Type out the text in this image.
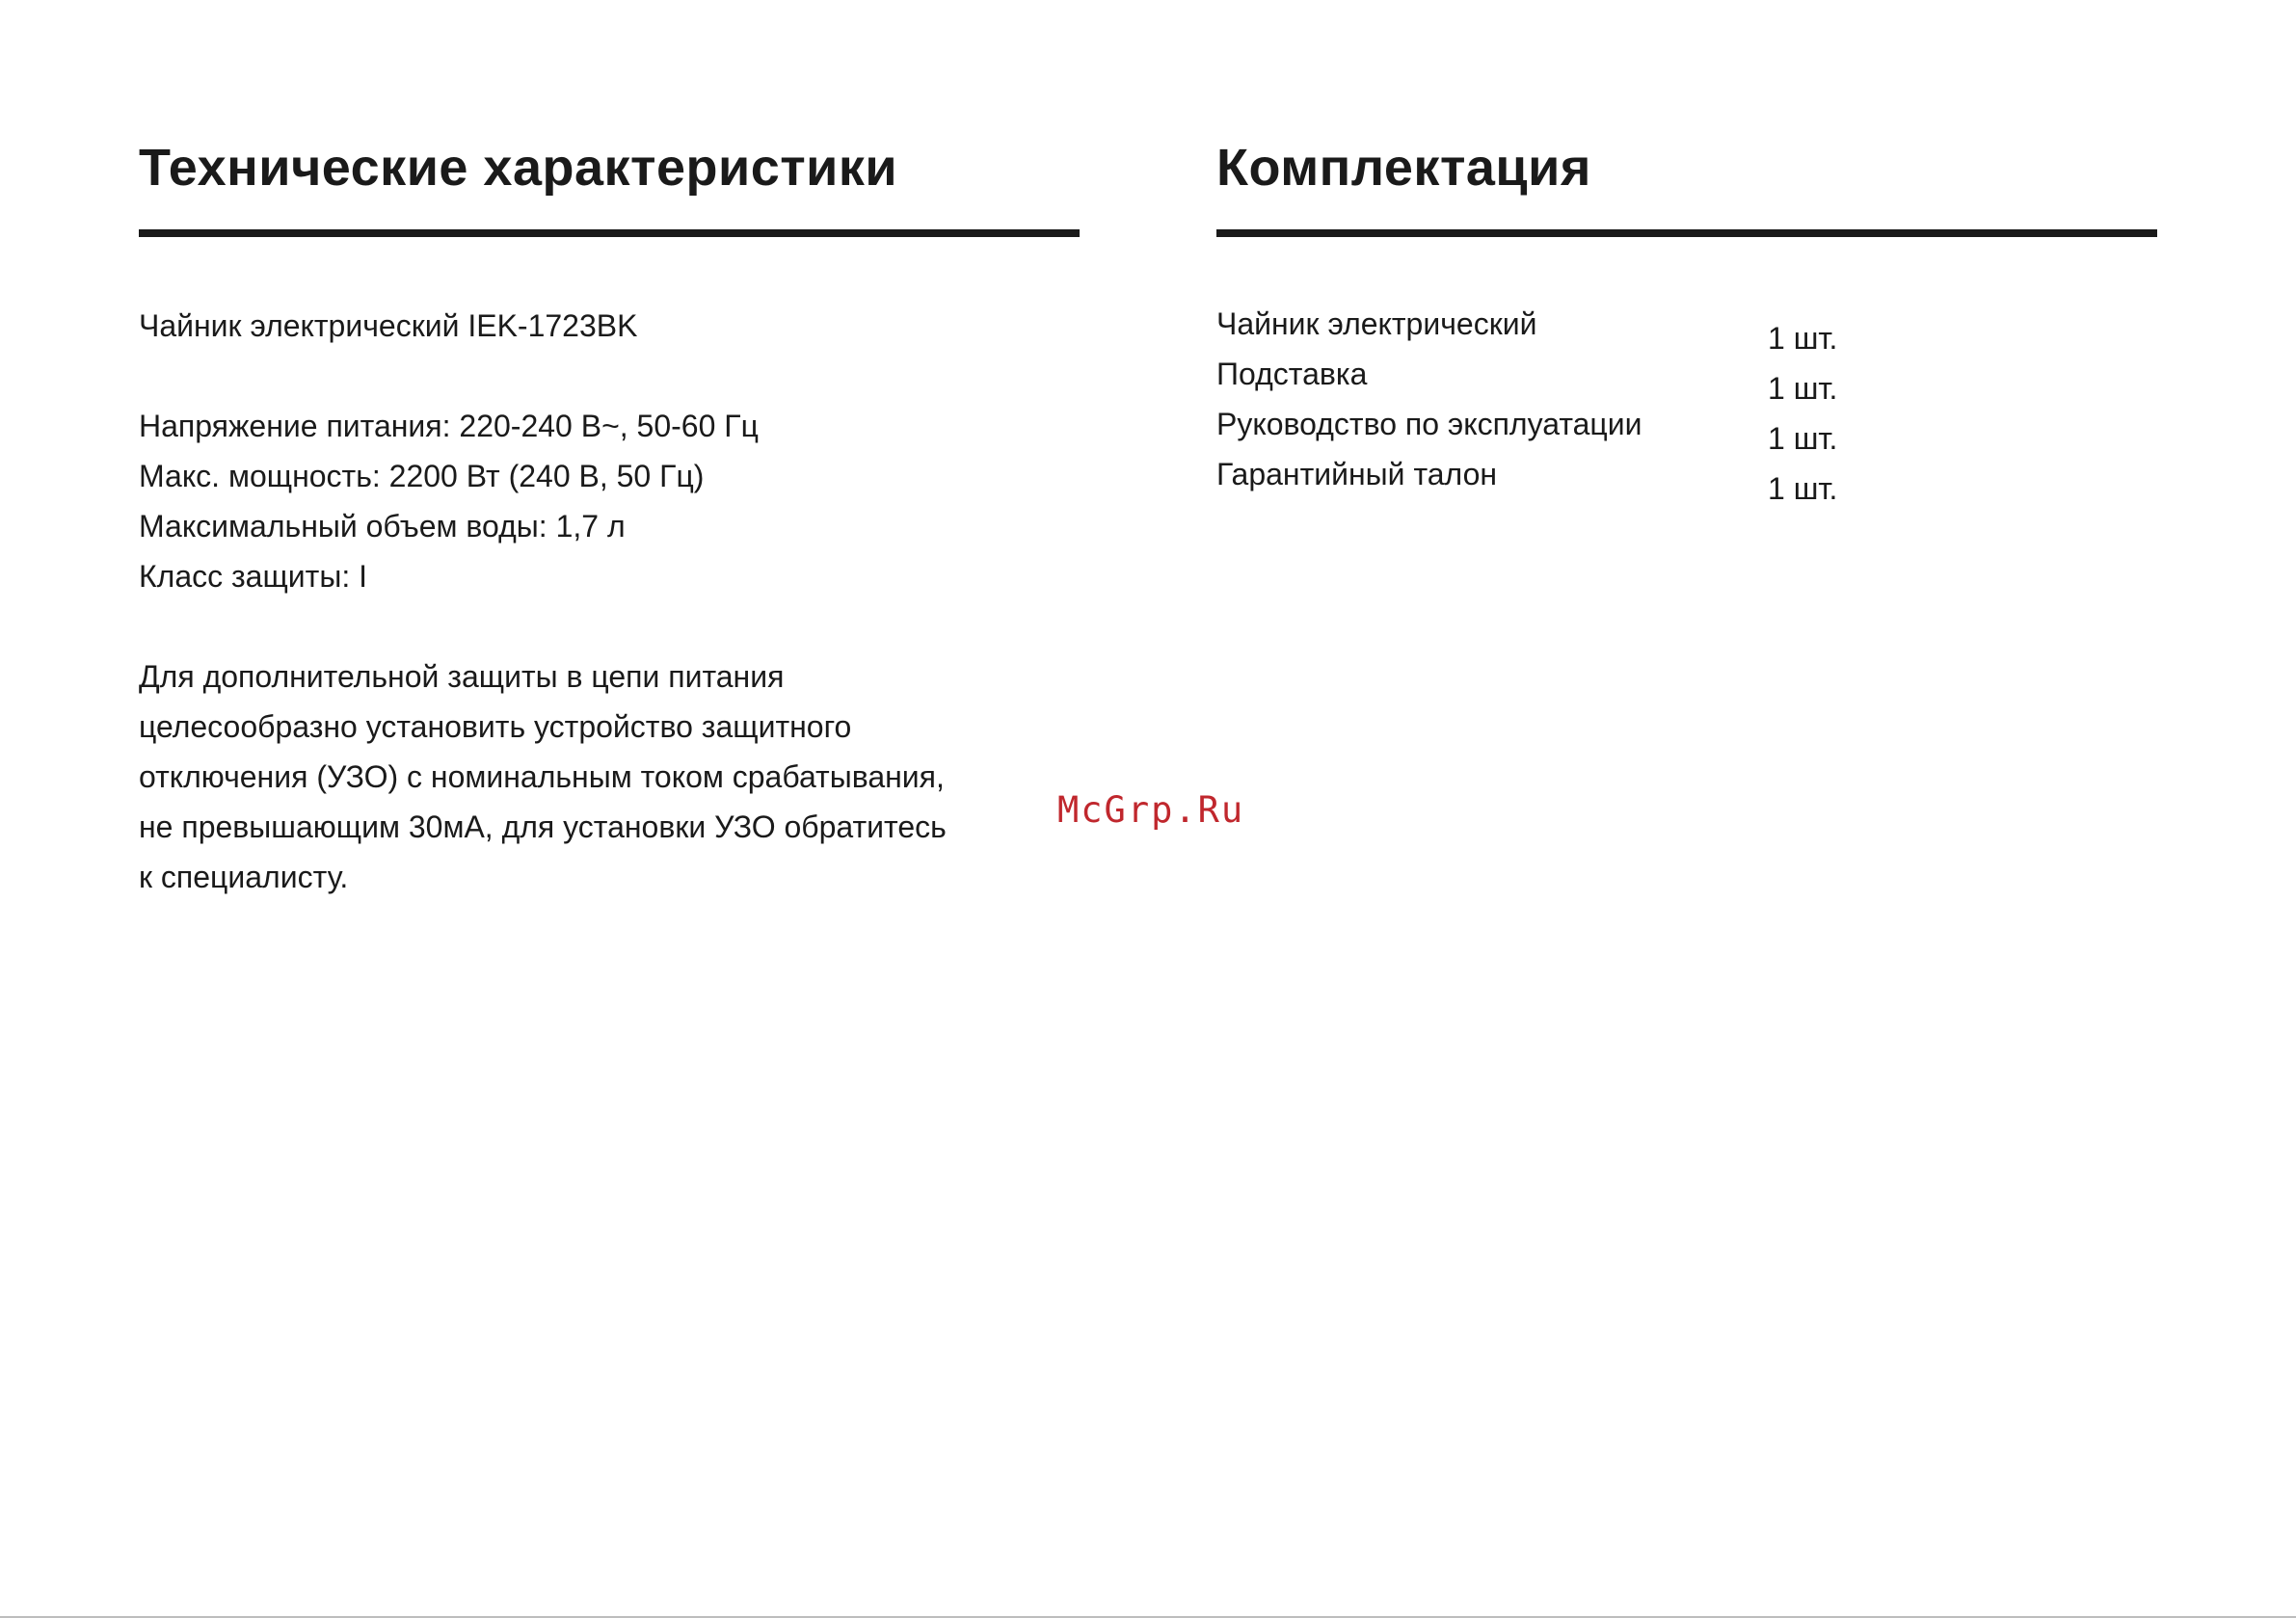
Технические характеристики
Чайник электрический IEK-1723BK
Напряжение питания: 220-240 В~, 50-60 Гц
Макс. мощность: 2200 Вт (240 В, 50 Гц)
Максимальный объем воды: 1,7 л
Класс защиты: I
Для дополнительной защиты в цепи питания
целесообразно установить устройство защитного
отключения (УЗО) с номинальным током срабатывания,
не превышающим 30мА, для установки УЗО обратитесь
к специалисту.
Комплектация
Чайник электрический	1 шт.
Подставка	1 шт.
Руководство по эксплуатации	1 шт.
Гарантийный талон	1 шт.
McGrp.Ru
